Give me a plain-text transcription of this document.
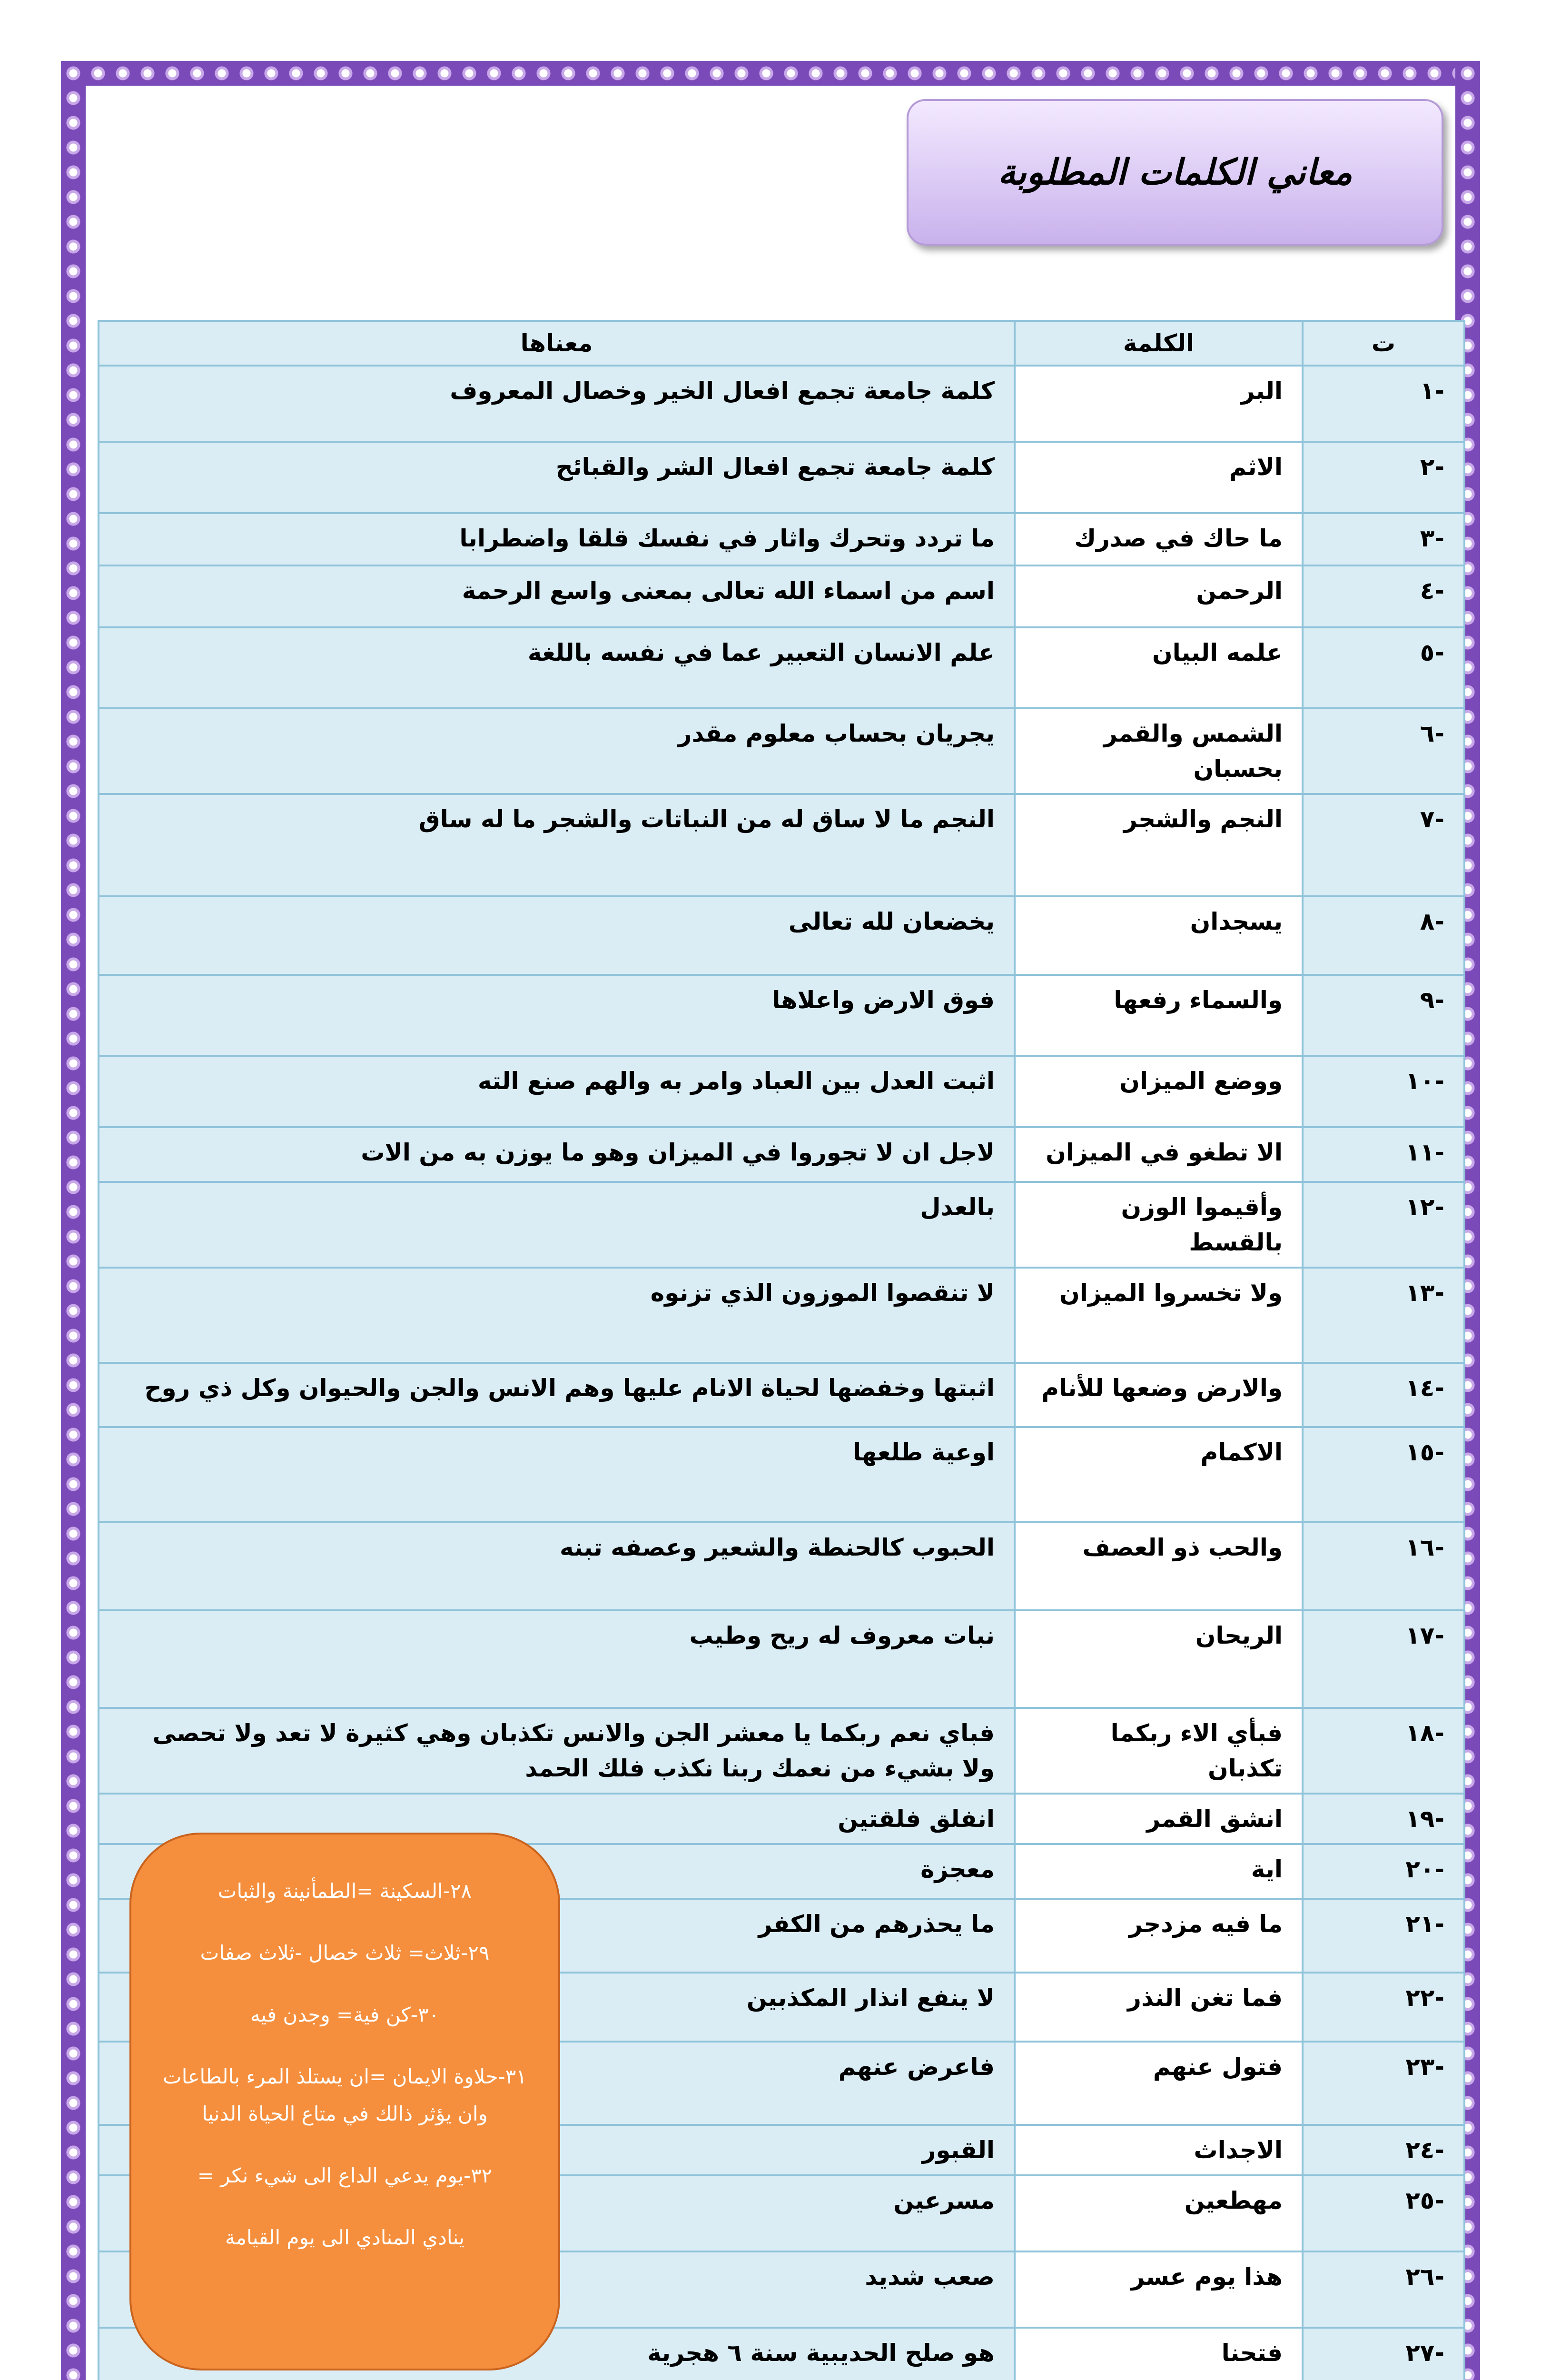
معاني الكلمات المطلوبة
ت	الكلمة	معناها
-١	البر	كلمة جامعة تجمع افعال الخير وخصال المعروف
-٢	الاثم	كلمة جامعة تجمع افعال الشر والقبائح
-٣	ما حاك في صدرك	ما تردد وتحرك واثار في نفسك قلقا واضطرابا
-٤	الرحمن	اسم من اسماء الله تعالى بمعنى واسع الرحمة
-٥	علمه البيان	علم الانسان التعبير عما في نفسه باللغة
-٦	الشمس والقمر بحسبان	يجريان بحساب معلوم مقدر
-٧	النجم والشجر	النجم ما لا ساق له من النباتات والشجر ما له ساق
-٨	يسجدان	يخضعان لله تعالى
-٩	والسماء رفعها	فوق الارض واعلاها
-١٠	ووضع الميزان	اثبت العدل بين العباد وامر به والهم صنع الته
-١١	الا تطغو في الميزان	لاجل ان لا تجوروا في الميزان وهو ما يوزن به من الات
-١٢	وأقيموا الوزن بالقسط	بالعدل
-١٣	ولا تخسروا الميزان	لا تنقصوا الموزون الذي تزنوه
-١٤	والارض وضعها للأنام	اثبتها وخفضها لحياة الانام عليها وهم الانس والجن والحيوان وكل ذي روح
-١٥	الاكمام	اوعية طلعها
-١٦	والحب ذو العصف	الحبوب كالحنطة والشعير وعصفه تبنه
-١٧	الريحان	نبات معروف له ريح وطيب
-١٨	فبأي الاء ربكما تكذبان	فباي نعم ربكما يا معشر الجن والانس تكذبان وهي كثيرة لا تعد ولا تحصى ولا بشيء من نعمك ربنا نكذب فلك الحمد
-١٩	انشق القمر	انفلق فلقتين
-٢٠	اية	معجزة
-٢١	ما فيه مزدجر	ما يحذرهم من الكفر
-٢٢	فما تغن النذر	لا ينفع انذار المكذبين
-٢٣	فتول عنهم	فاعرض عنهم
-٢٤	الاجداث	القبور
-٢٥	مهطعين	مسرعين
-٢٦	هذا يوم عسر	صعب شديد
-٢٧	فتحنا	هو صلح الحديبية سنة ٦ هجرية

٢٨-السكينة =الطمأنينة والثبات

٢٩-ثلاث= ثلاث خصال -ثلاث صفات

٣٠-كن فية= وجدن فيه

٣١-حلاوة الايمان =ان يستلذ المرء بالطاعات وان يؤثر ذالك في متاع الحياة الدنيا

٣٢-يوم يدعي الداع الى شيء نكر =

ينادي المنادي الى يوم القيامة
